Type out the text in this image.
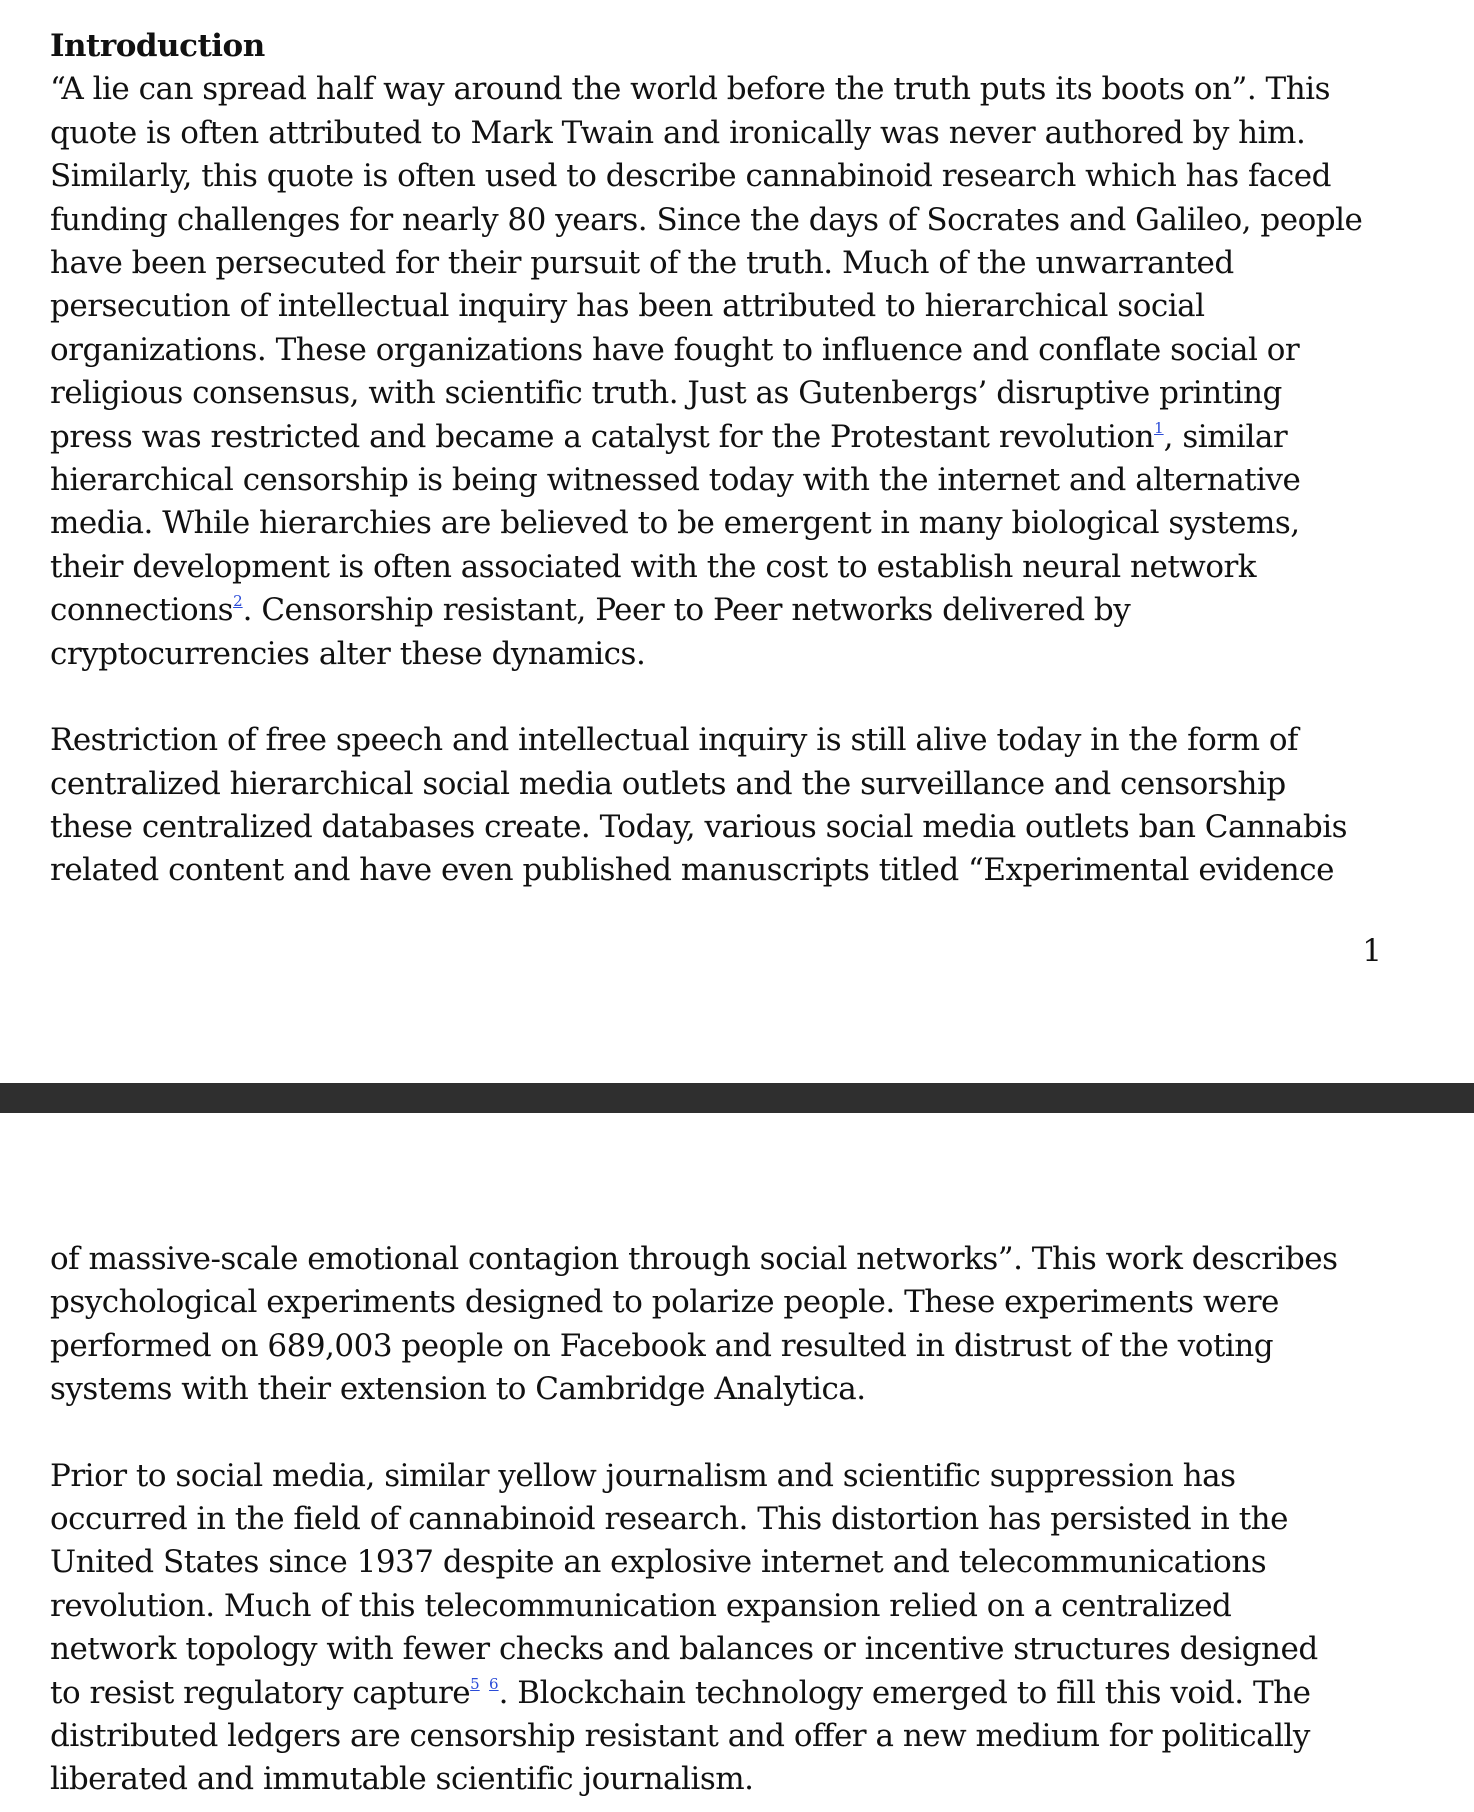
Introduction

“A lie can spread half way around the world before the truth puts its boots on”. This
quote is often attributed to Mark Twain and ironically was never authored by him.
Similarly, this quote is often used to describe cannabinoid research which has faced
funding challenges for nearly 80 years. Since the days of Socrates and Galileo, people
have been persecuted for their pursuit of the truth. Much of the unwarranted
persecution of intellectual inquiry has been attributed to hierarchical social
organizations. These organizations have fought to influence and conflate social or
religious consensus, with scientific truth. Just as Gutenbergs’ disruptive printing
press was restricted and became a catalyst for the Protestant revolution$^1$, similar
hierarchical censorship is being witnessed today with the internet and alternative
media. While hierarchies are believed to be emergent in many biological systems,
their development is often associated with the cost to establish neural network
connections$^2$. Censorship resistant, Peer to Peer networks delivered by
cryptocurrencies alter these dynamics.

Restriction of free speech and intellectual inquiry is still alive today in the form of
centralized hierarchical social media outlets and the surveillance and censorship
these centralized databases create. Today, various social media outlets ban Cannabis
related content and have even published manuscripts titled “Experimental evidence

1

of massive-scale emotional contagion through social networks”. This work describes
psychological experiments designed to polarize people. These experiments were
performed on 689,003 people on Facebook and resulted in distrust of the voting
systems with their extension to Cambridge Analytica.

Prior to social media, similar yellow journalism and scientific suppression has
occurred in the field of cannabinoid research. This distortion has persisted in the
United States since 1937 despite an explosive internet and telecommunications
revolution. Much of this telecommunication expansion relied on a centralized
network topology with fewer checks and balances or incentive structures designed
to resist regulatory capture$^5$ $^6$. Blockchain technology emerged to fill this void. The
distributed ledgers are censorship resistant and offer a new medium for politically
liberated and immutable scientific journalism.
